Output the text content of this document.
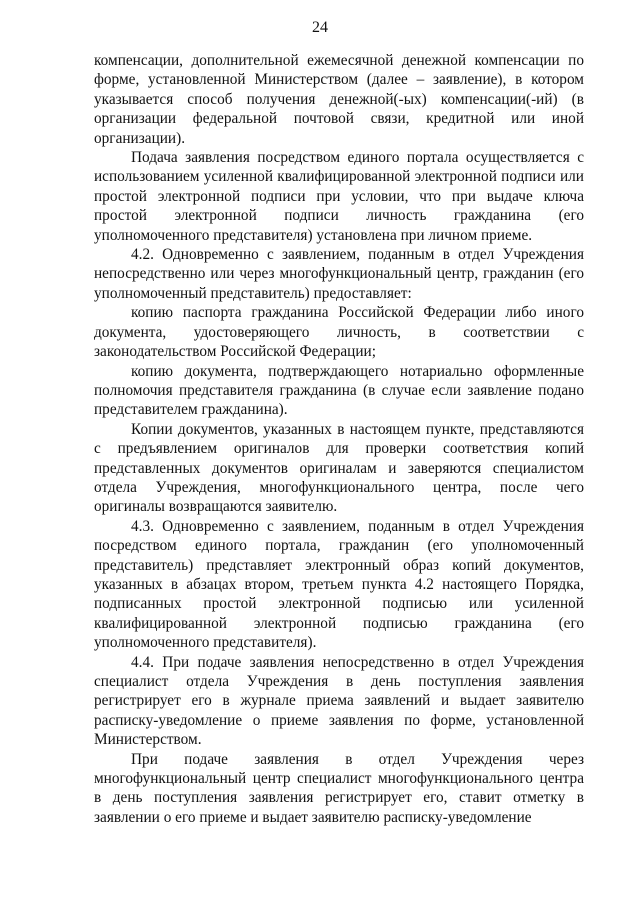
24

компенсации, дополнительной ежемесячной денежной компенсации по форме, установленной Министерством (далее – заявление), в котором указывается способ получения денежной(-ых) компенсации(-ий) (в организации федеральной почтовой связи, кредитной или иной организации).

Подача заявления посредством единого портала осуществляется с использованием усиленной квалифицированной электронной подписи или простой электронной подписи при условии, что при выдаче ключа простой электронной подписи личность гражданина (его уполномоченного представителя) установлена при личном приеме.

4.2. Одновременно с заявлением, поданным в отдел Учреждения непосредственно или через многофункциональный центр, гражданин (его уполномоченный представитель) предоставляет:

копию паспорта гражданина Российской Федерации либо иного документа, удостоверяющего личность, в соответствии с законодательством Российской Федерации;

копию документа, подтверждающего нотариально оформленные полномочия представителя гражданина (в случае если заявление подано представителем гражданина).

Копии документов, указанных в настоящем пункте, представляются с предъявлением оригиналов для проверки соответствия копий представленных документов оригиналам и заверяются специалистом отдела Учреждения, многофункционального центра, после чего оригиналы возвращаются заявителю.

4.3. Одновременно с заявлением, поданным в отдел Учреждения посредством единого портала, гражданин (его уполномоченный представитель) представляет электронный образ копий документов, указанных в абзацах втором, третьем пункта 4.2 настоящего Порядка, подписанных простой электронной подписью или усиленной квалифицированной электронной подписью гражданина (его уполномоченного представителя).

4.4. При подаче заявления непосредственно в отдел Учреждения специалист отдела Учреждения в день поступления заявления регистрирует его в журнале приема заявлений и выдает заявителю расписку-уведомление о приеме заявления по форме, установленной Министерством.

При подаче заявления в отдел Учреждения через многофункциональный центр специалист многофункционального центра в день поступления заявления регистрирует его, ставит отметку в заявлении о его приеме и выдает заявителю расписку-уведомление
